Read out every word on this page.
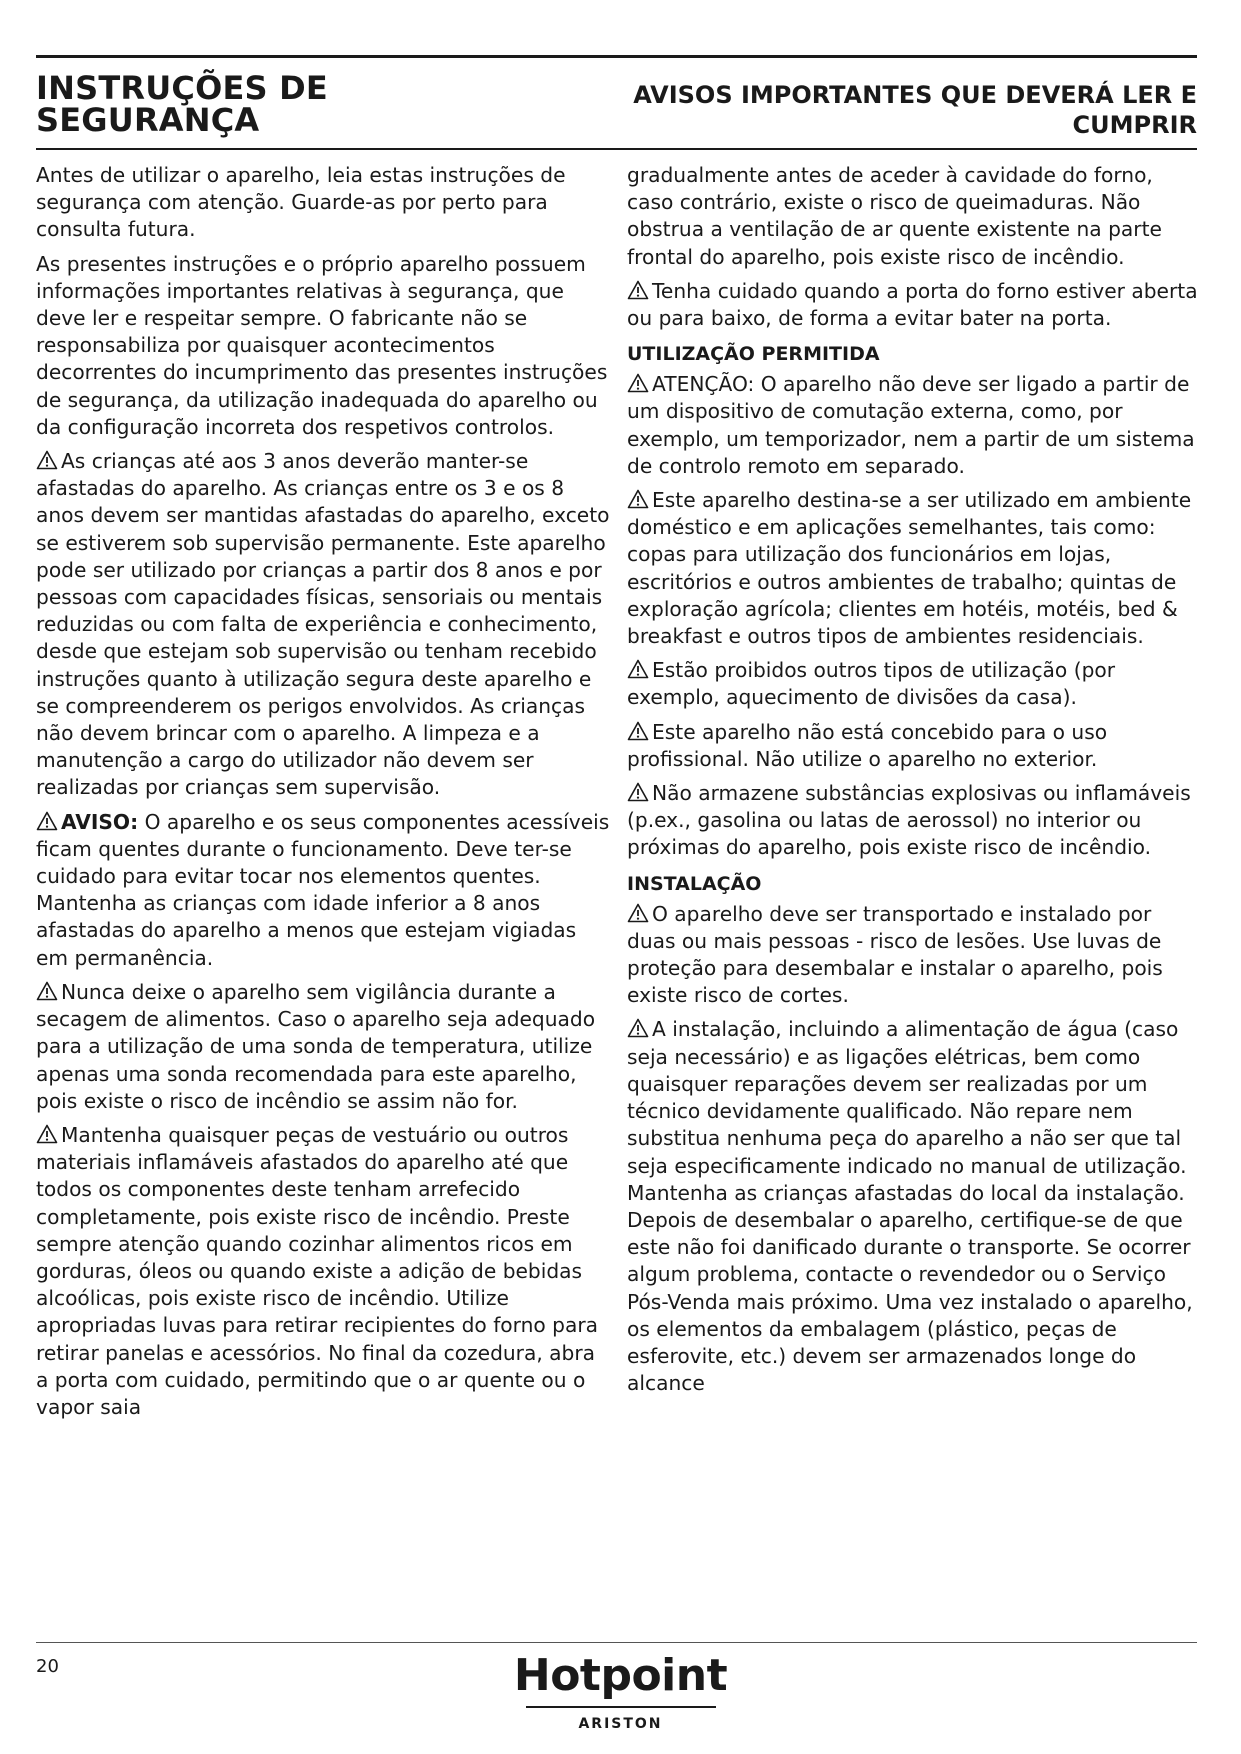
INSTRUÇÕES DE SEGURANÇA
AVISOS IMPORTANTES QUE DEVERÁ LER E CUMPRIR

Antes de utilizar o aparelho, leia estas instruções de segurança com atenção. Guarde-as por perto para consulta futura.

As presentes instruções e o próprio aparelho possuem informações importantes relativas à segurança, que deve ler e respeitar sempre. O fabricante não se responsabiliza por quaisquer acontecimentos decorrentes do incumprimento das presentes instruções de segurança, da utilização inadequada do aparelho ou da configuração incorreta dos respetivos controlos.

As crianças até aos 3 anos deverão manter-se afastadas do aparelho. As crianças entre os 3 e os 8 anos devem ser mantidas afastadas do aparelho, exceto se estiverem sob supervisão permanente. Este aparelho pode ser utilizado por crianças a partir dos 8 anos e por pessoas com capacidades físicas, sensoriais ou mentais reduzidas ou com falta de experiência e conhecimento, desde que estejam sob supervisão ou tenham recebido instruções quanto à utilização segura deste aparelho e se compreenderem os perigos envolvidos. As crianças não devem brincar com o aparelho. A limpeza e a manutenção a cargo do utilizador não devem ser realizadas por crianças sem supervisão.

AVISO: O aparelho e os seus componentes acessíveis ficam quentes durante o funcionamento. Deve ter-se cuidado para evitar tocar nos elementos quentes. Mantenha as crianças com idade inferior a 8 anos afastadas do aparelho a menos que estejam vigiadas em permanência.

Nunca deixe o aparelho sem vigilância durante a secagem de alimentos. Caso o aparelho seja adequado para a utilização de uma sonda de temperatura, utilize apenas uma sonda recomendada para este aparelho, pois existe o risco de incêndio se assim não for.

Mantenha quaisquer peças de vestuário ou outros materiais inflamáveis afastados do aparelho até que todos os componentes deste tenham arrefecido completamente, pois existe risco de incêndio. Preste sempre atenção quando cozinhar alimentos ricos em gorduras, óleos ou quando existe a adição de bebidas alcoólicas, pois existe risco de incêndio. Utilize apropriadas luvas para retirar recipientes do forno para retirar panelas e acessórios. No final da cozedura, abra a porta com cuidado, permitindo que o ar quente ou o vapor saia

gradualmente antes de aceder à cavidade do forno, caso contrário, existe o risco de queimaduras. Não obstrua a ventilação de ar quente existente na parte frontal do aparelho, pois existe risco de incêndio.

Tenha cuidado quando a porta do forno estiver aberta ou para baixo, de forma a evitar bater na porta.

UTILIZAÇÃO PERMITIDA

ATENÇÃO: O aparelho não deve ser ligado a partir de um dispositivo de comutação externa, como, por exemplo, um temporizador, nem a partir de um sistema de controlo remoto em separado.

Este aparelho destina-se a ser utilizado em ambiente doméstico e em aplicações semelhantes, tais como: copas para utilização dos funcionários em lojas, escritórios e outros ambientes de trabalho; quintas de exploração agrícola; clientes em hotéis, motéis, bed & breakfast e outros tipos de ambientes residenciais.

Estão proibidos outros tipos de utilização (por exemplo, aquecimento de divisões da casa).

Este aparelho não está concebido para o uso profissional. Não utilize o aparelho no exterior.

Não armazene substâncias explosivas ou inflamáveis (p.ex., gasolina ou latas de aerossol) no interior ou próximas do aparelho, pois existe risco de incêndio.

INSTALAÇÃO

O aparelho deve ser transportado e instalado por duas ou mais pessoas - risco de lesões. Use luvas de proteção para desembalar e instalar o aparelho, pois existe risco de cortes.

A instalação, incluindo a alimentação de água (caso seja necessário) e as ligações elétricas, bem como quaisquer reparações devem ser realizadas por um técnico devidamente qualificado. Não repare nem substitua nenhuma peça do aparelho a não ser que tal seja especificamente indicado no manual de utilização. Mantenha as crianças afastadas do local da instalação. Depois de desembalar o aparelho, certifique-se de que este não foi danificado durante o transporte. Se ocorrer algum problema, contacte o revendedor ou o Serviço Pós-Venda mais próximo. Uma vez instalado o aparelho, os elementos da embalagem (plástico, peças de esferovite, etc.) devem ser armazenados longe do alcance

20	Hotpoint
ARISTON
